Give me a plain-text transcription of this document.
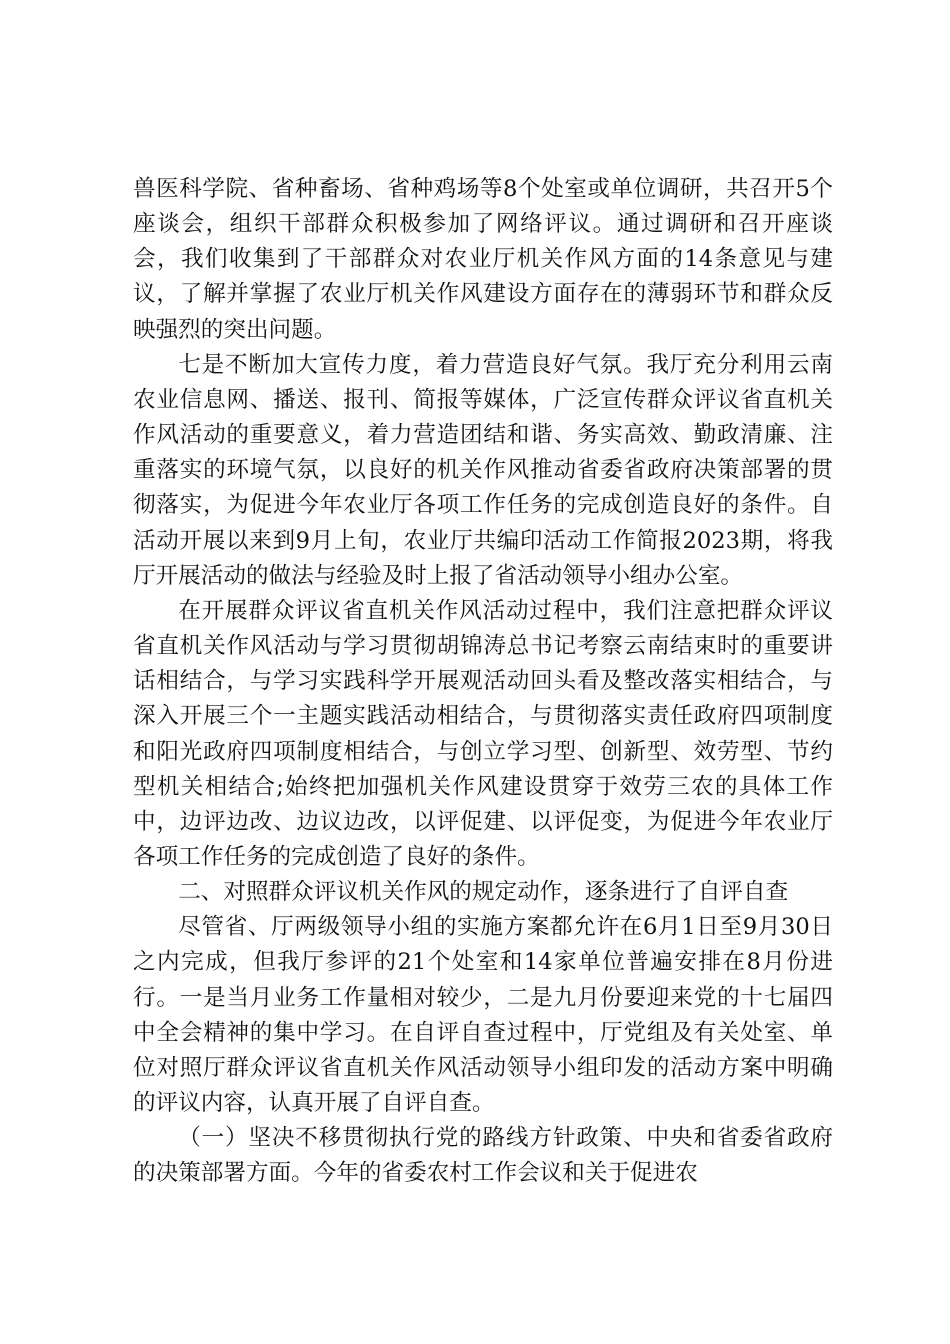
兽医科学院、省种畜场、省种鸡场等8个处室或单位调研，共召开5个座谈会，组织干部群众积极参加了网络评议。通过调研和召开座谈会，我们收集到了干部群众对农业厅机关作风方面的14条意见与建议，了解并掌握了农业厅机关作风建设方面存在的薄弱环节和群众反映强烈的突出问题。

七是不断加大宣传力度，着力营造良好气氛。我厅充分利用云南农业信息网、播送、报刊、简报等媒体，广泛宣传群众评议省直机关作风活动的重要意义，着力营造团结和谐、务实高效、勤政清廉、注重落实的环境气氛，以良好的机关作风推动省委省政府决策部署的贯彻落实，为促进今年农业厅各项工作任务的完成创造良好的条件。自活动开展以来到9月上旬，农业厅共编印活动工作简报2023期，将我厅开展活动的做法与经验及时上报了省活动领导小组办公室。

在开展群众评议省直机关作风活动过程中，我们注意把群众评议省直机关作风活动与学习贯彻胡锦涛总书记考察云南结束时的重要讲话相结合，与学习实践科学开展观活动回头看及整改落实相结合，与深入开展三个一主题实践活动相结合，与贯彻落实责任政府四项制度和阳光政府四项制度相结合，与创立学习型、创新型、效劳型、节约型机关相结合;始终把加强机关作风建设贯穿于效劳三农的具体工作中，边评边改、边议边改，以评促建、以评促变，为促进今年农业厅各项工作任务的完成创造了良好的条件。

二、对照群众评议机关作风的规定动作，逐条进行了自评自查

尽管省、厅两级领导小组的实施方案都允许在6月1日至9月30日之内完成，但我厅参评的21个处室和14家单位普遍安排在8月份进行。一是当月业务工作量相对较少，二是九月份要迎来党的十七届四中全会精神的集中学习。在自评自查过程中，厅党组及有关处室、单位对照厅群众评议省直机关作风活动领导小组印发的活动方案中明确的评议内容，认真开展了自评自查。

（一）坚决不移贯彻执行党的路线方针政策、中央和省委省政府的决策部署方面。今年的省委农村工作会议和关于促进农
